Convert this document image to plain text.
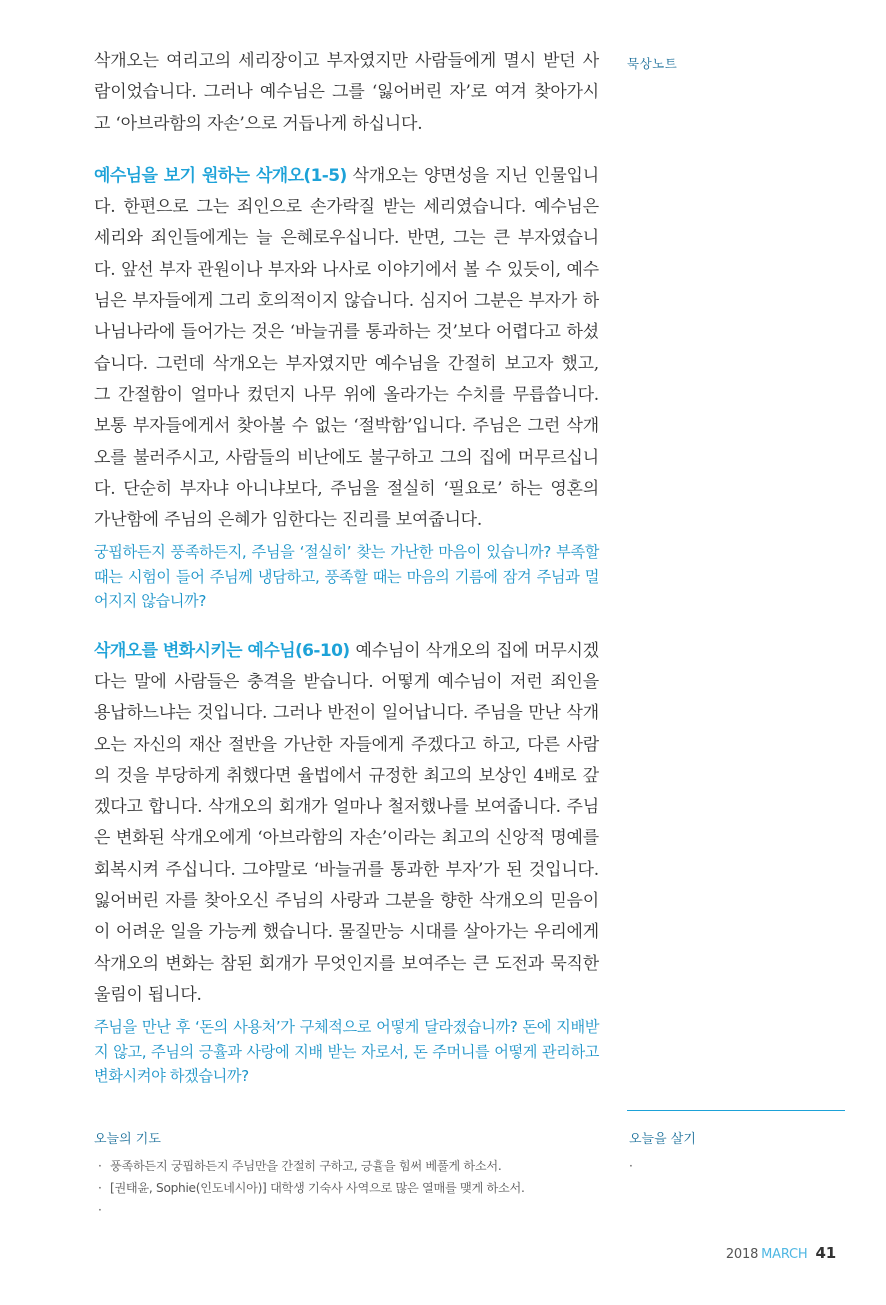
묵상노트

삭개오는 여리고의 세리장이고 부자였지만 사람들에게 멸시 받던 사람이었습니다. 그러나 예수님은 그를 ‘잃어버린 자’로 여겨 찾아가시고 ‘아브라함의 자손’으로 거듭나게 하십니다.

예수님을 보기 원하는 삭개오(1-5) 삭개오는 양면성을 지닌 인물입니다. 한편으로 그는 죄인으로 손가락질 받는 세리였습니다. 예수님은 세리와 죄인들에게는 늘 은혜로우십니다. 반면, 그는 큰 부자였습니다. 앞선 부자 관원이나 부자와 나사로 이야기에서 볼 수 있듯이, 예수님은 부자들에게 그리 호의적이지 않습니다. 심지어 그분은 부자가 하나님나라에 들어가는 것은 ‘바늘귀를 통과하는 것’보다 어렵다고 하셨습니다. 그런데 삭개오는 부자였지만 예수님을 간절히 보고자 했고, 그 간절함이 얼마나 컸던지 나무 위에 올라가는 수치를 무릅씁니다. 보통 부자들에게서 찾아볼 수 없는 ‘절박함’입니다. 주님은 그런 삭개오를 불러주시고, 사람들의 비난에도 불구하고 그의 집에 머무르십니다. 단순히 부자냐 아니냐보다, 주님을 절실히 ‘필요로’ 하는 영혼의 가난함에 주님의 은혜가 임한다는 진리를 보여줍니다.

궁핍하든지 풍족하든지, 주님을 ‘절실히’ 찾는 가난한 마음이 있습니까? 부족할 때는 시험이 들어 주님께 냉담하고, 풍족할 때는 마음의 기름에 잠겨 주님과 멀어지지 않습니까?

삭개오를 변화시키는 예수님(6-10) 예수님이 삭개오의 집에 머무시겠다는 말에 사람들은 충격을 받습니다. 어떻게 예수님이 저런 죄인을 용납하느냐는 것입니다. 그러나 반전이 일어납니다. 주님을 만난 삭개오는 자신의 재산 절반을 가난한 자들에게 주겠다고 하고, 다른 사람의 것을 부당하게 취했다면 율법에서 규정한 최고의 보상인 4배로 갚겠다고 합니다. 삭개오의 회개가 얼마나 철저했나를 보여줍니다. 주님은 변화된 삭개오에게 ‘아브라함의 자손’이라는 최고의 신앙적 명예를 회복시켜 주십니다. 그야말로 ‘바늘귀를 통과한 부자’가 된 것입니다. 잃어버린 자를 찾아오신 주님의 사랑과 그분을 향한 삭개오의 믿음이 이 어려운 일을 가능케 했습니다. 물질만능 시대를 살아가는 우리에게 삭개오의 변화는 참된 회개가 무엇인지를 보여주는 큰 도전과 묵직한 울림이 됩니다.

주님을 만난 후 ‘돈의 사용처’가 구체적으로 어떻게 달라졌습니까? 돈에 지배받지 않고, 주님의 긍휼과 사랑에 지배 받는 자로서, 돈 주머니를 어떻게 관리하고 변화시켜야 하겠습니까?

오늘의 기도
· 풍족하든지 궁핍하든지 주님만을 간절히 구하고, 긍휼을 힘써 베풀게 하소서.
· [권태윤, Sophie(인도네시아)] 대학생 기숙사 사역으로 많은 열매를 맺게 하소서.
·
오늘을 살기
·
2018 MARCH 41
